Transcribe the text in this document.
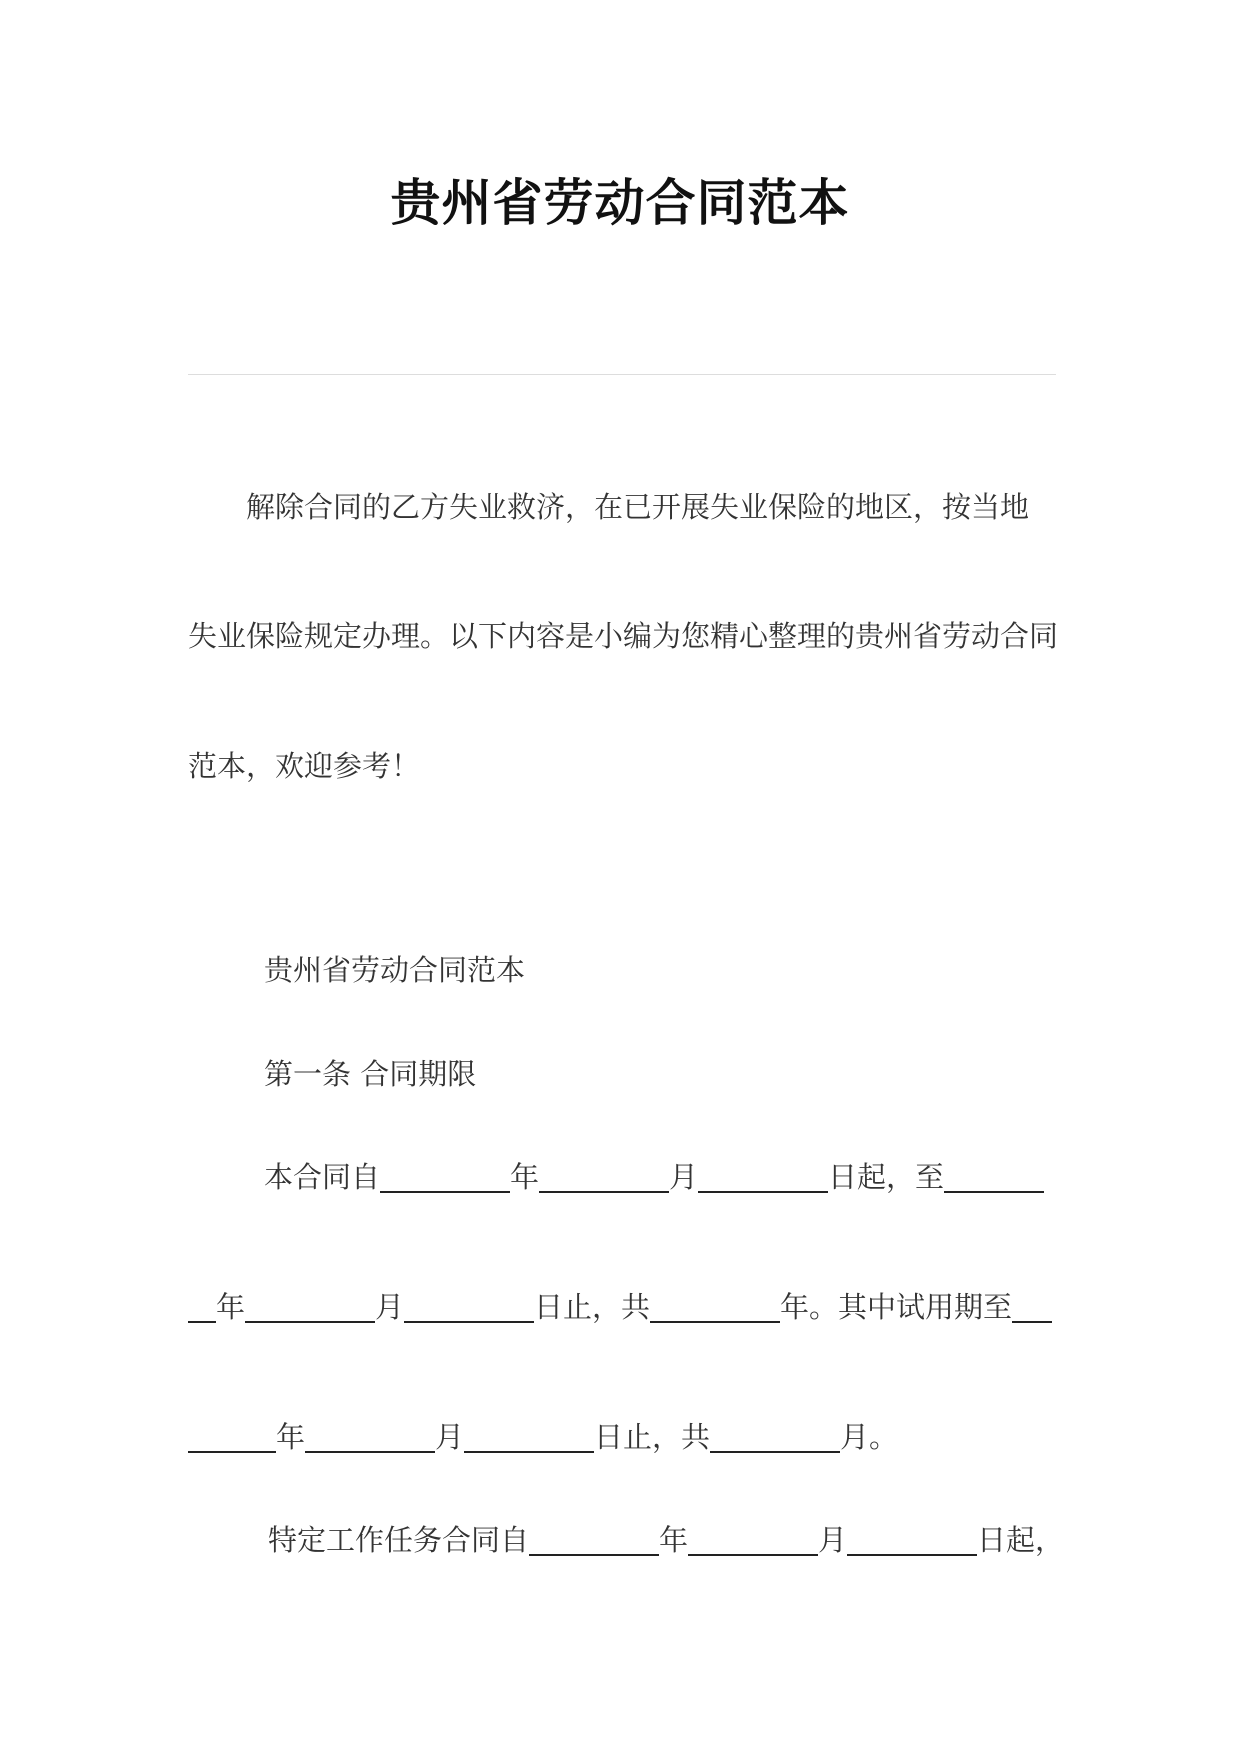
贵州省劳动合同范本
解除合同的乙方失业救济，在已开展失业保险的地区，按当地
失业保险规定办理。以下内容是小编为您精心整理的贵州省劳动合同
范本，欢迎参考！
贵州省劳动合同范本
第一条 合同期限
本合同自	年	月	日起，至
年	月	日止，共	年。其中试用期至
年	月	日止，共	月。
特定工作任务合同自	年	月	日起，
